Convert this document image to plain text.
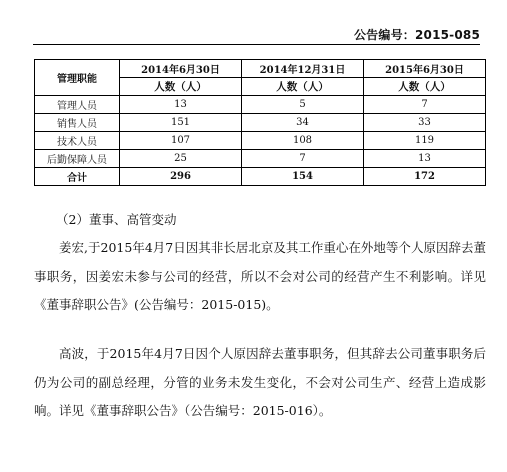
公告编号：2015-085
管理职能	2014年6月30日	2014年12月31日	2015年6月30日
	人数（人）	人数（人）	人数（人）
管理人员	13	5	7
销售人员	151	34	33
技术人员	107	108	119
后勤保障人员	25	7	13
合计	296	154	172
（2）董事、高管变动

姜宏,于2015年4月7日因其非长居北京及其工作重心在外地等个人原因辞去董事职务，因姜宏未参与公司的经营，所以不会对公司的经营产生不利影响。详见《董事辞职公告》(公告编号：2015-015)。

高波，于2015年4月7日因个人原因辞去董事职务，但其辞去公司董事职务后仍为公司的副总经理，分管的业务未发生变化，不会对公司生产、经营上造成影响。详见《董事辞职公告》（公告编号：2015-016）。
